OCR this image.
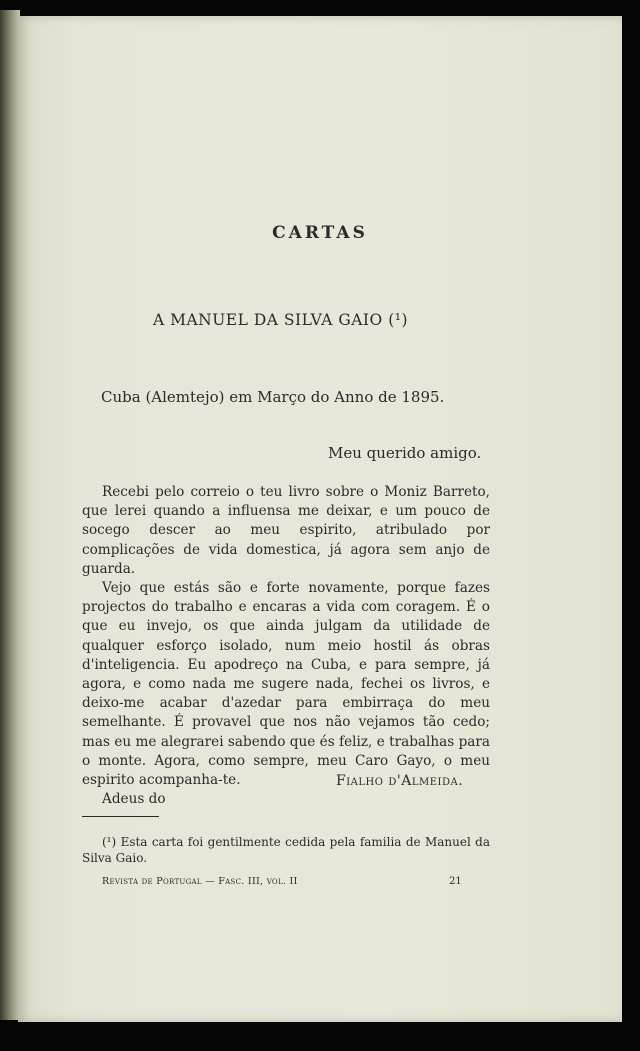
CARTAS
A MANUEL DA SILVA GAIO (¹)
Cuba (Alemtejo) em Março do Anno de 1895.
Meu querido amigo.

Recebi pelo correio o teu livro sobre o Moniz Barreto, que lerei quando a influensa me deixar, e um pouco de socego descer ao meu espirito, atribulado por complicações de vida domestica, já agora sem anjo de guarda.

Vejo que estás são e forte novamente, porque fazes projectos do trabalho e encaras a vida com coragem. É o que eu invejo, os que ainda julgam da utilidade de qualquer esforço isolado, num meio hostil ás obras d'inteligencia. Eu apodreço na Cuba, e para sempre, já agora, e como nada me sugere nada, fechei os livros, e deixo-me acabar d'azedar para embirraça do meu semelhante. É provavel que nos não vejamos tão cedo; mas eu me alegrarei sabendo que és feliz, e trabalhas para o monte. Agora, como sempre, meu Caro Gayo, o meu espirito acompanha-te.

Adeus do

Fialho d'Almeida.
(¹) Esta carta foi gentilmente cedida pela familia de Manuel da Silva Gaio.
Revista de Portugal — Fasc. III, vol. II	21
